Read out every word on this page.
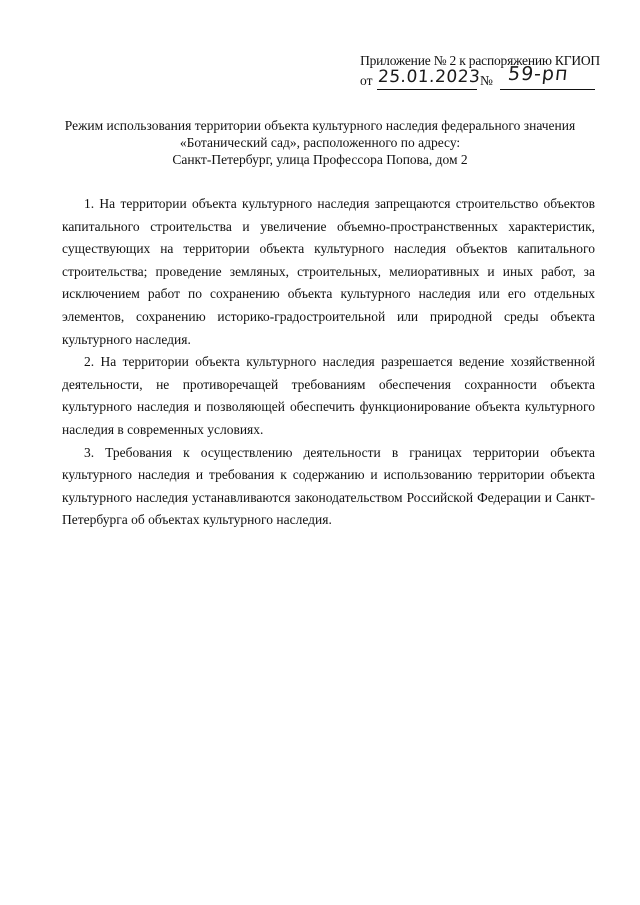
Приложение № 2 к распоряжению КГИОП
от 25.01.2023
№ 59-рп
Режим использования территории объекта культурного наследия федерального значения
«Ботанический сад», расположенного по адресу:
Санкт-Петербург, улица Профессора Попова, дом 2

1. На территории объекта культурного наследия запрещаются строительство объектов капитального строительства и увеличение объемно-пространственных характеристик, существующих на территории объекта культурного наследия объектов капитального строительства; проведение земляных, строительных, мелиоративных и иных работ, за исключением работ по сохранению объекта культурного наследия или его отдельных элементов, сохранению историко-градостроительной или природной среды объекта культурного наследия.

2. На территории объекта культурного наследия разрешается ведение хозяйственной деятельности, не противоречащей требованиям обеспечения сохранности объекта культурного наследия и позволяющей обеспечить функционирование объекта культурного наследия в современных условиях.

3. Требования к осуществлению деятельности в границах территории объекта культурного наследия и требования к содержанию и использованию территории объекта культурного наследия устанавливаются законодательством Российской Федерации и Санкт-Петербурга об объектах культурного наследия.
